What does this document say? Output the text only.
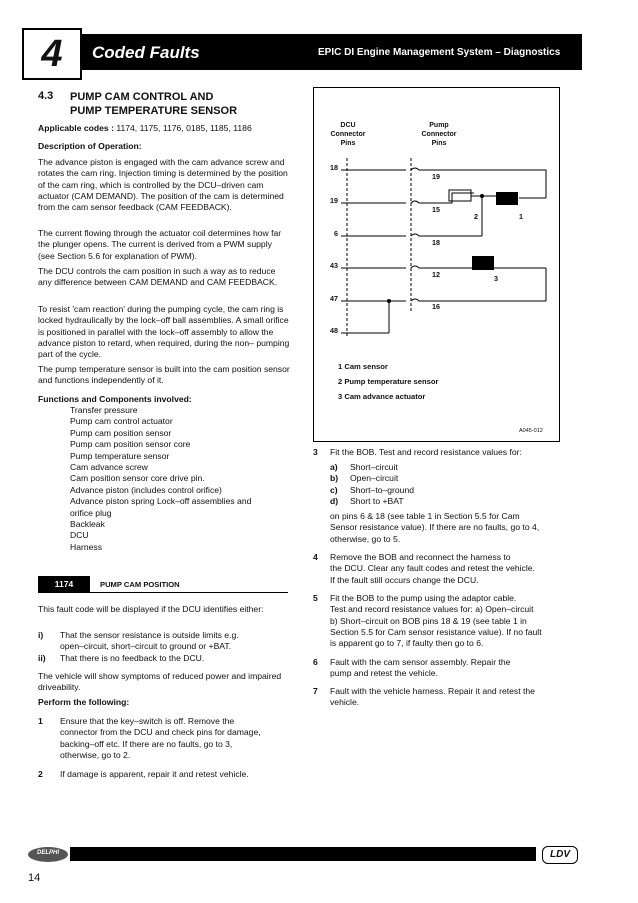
4	Coded Faults	EPIC DI Engine Management System – Diagnostics
4.3 PUMP CAM CONTROL AND
PUMP TEMPERATURE SENSOR

Applicable codes : 1174, 1175, 1176, 0185, 1185, 1186

Description of Operation:

The advance piston is engaged with the cam advance screw and rotates the cam ring. Injection timing is determined by the position of the cam ring, which is controlled by the DCU–driven cam actuator (CAM DEMAND). The position of the cam is determined from the cam sensor feedback (CAM FEEDBACK).

The current flowing through the actuator coil determines how far the plunger opens. The current is derived from a PWM supply (see Section 5.6 for explanation of PWM).

The DCU controls the cam position in such a way as to reduce any difference between CAM DEMAND and CAM FEEDBACK.

To resist 'cam reaction' during the pumping cycle, the cam ring is locked hydraulically by the lock–off ball assemblies. A small orifice is positioned in parallel with the lock–off assembly to allow the advance piston to retard, when required, during the non– pumping part of the cycle.

The pump temperature sensor is built into the cam position sensor and functions independently of it.

Functions and Components involved:

Transfer pressure
Pump cam control actuator
Pump cam position sensor
Pump cam position sensor core
Pump temperature sensor
Cam advance screw
Cam position sensor core drive pin.
Advance piston (includes control orifice)
Advance piston spring Lock–off assemblies and
orifice plug
Backleak
DCU
Harness
1174	PUMP CAM POSITION

This fault code will be displayed if the DCU identifies either:

i) That the sensor resistance is outside limits e.g.
open–circuit, short–circuit to ground or +BAT.
ii) That there is no feedback to the DCU.

The vehicle will show symptoms of reduced power and impaired driveability.

Perform the following:

1 Ensure that the key–switch is off. Remove the
connector from the DCU and check pins for damage,
backing–off etc. If there are no faults, go to 3,
otherwise, go to 2.
2 If damage is apparent, repair it and retest vehicle.
DCU
Connector
Pins
Pump
Connector
Pins
18
19
6
43
47
48
19
15
18
12
16
2	1
3
1 Cam sensor
2 Pump temperature sensor
3 Cam advance actuator
A045-012
3 Fit the BOB. Test and record resistance values for:
a) Short–circuit
b) Open–circuit
c) Short–to–ground
d) Short to +BAT
on pins 6 & 18 (see table 1 in Section 5.5 for Cam
Sensor resistance value). If there are no faults, go to 4,
otherwise, go to 5.
4 Remove the BOB and reconnect the harness to
the DCU. Clear any fault codes and retest the vehicle.
If the fault still occurs change the DCU.
5 Fit the BOB to the pump using the adaptor cable.
Test and record resistance values for: a) Open–circuit
b) Short–circuit on BOB pins 18 & 19 (see table 1 in
Section 5.5 for Cam sensor resistance value). If no fault
is apparent go to 7, if faulty then go to 6.
6 Fault with the cam sensor assembly. Repair the
pump and retest the vehicle.
7 Fault with the vehicle harness. Repair it and retest the
vehicle.
DELPHI	LDV
14
